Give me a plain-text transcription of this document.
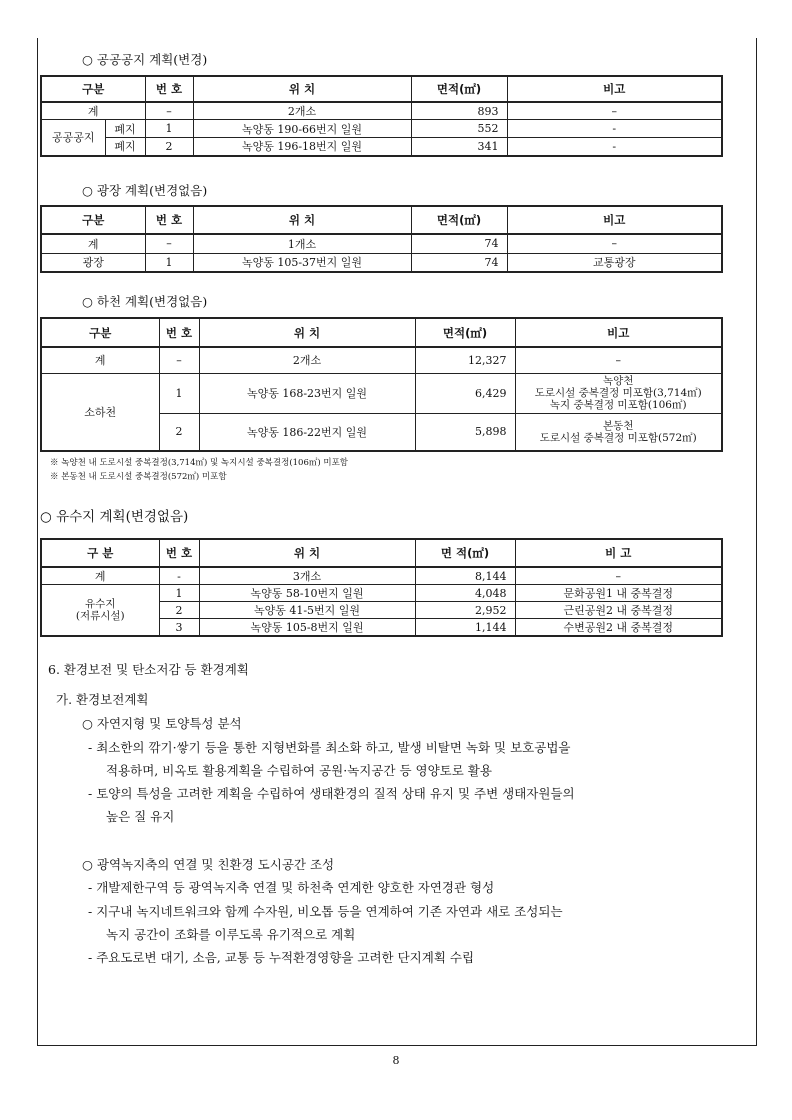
○ 공공공지 계획(변경)
구분		번 호	위 치	면적(㎡)	비고
계		–	2개소	893	–
공공공지	폐지	1	녹양동 190-66번지 일원	552	-
	폐지	2	녹양동 196-18번지 일원	341	-
○ 광장 계획(변경없음)
구분	번 호	위 치	면적(㎡)	비고
계	–	1개소	74	–
광장	1	녹양동 105-37번지 일원	74	교통광장
○ 하천 계획(변경없음)
구분	번 호	위 치	면적(㎡)	비고
계	–	2개소	12,327	–
소하천	1	녹양동 168-23번지 일원	6,429	녹양천
도로시설 중복결정 미포함(3,714㎡)
녹지 중복결정 미포함(106㎡)

	2	녹양동 186-22번지 일원	5,898	본동천
도로시설 중복결정 미포함(572㎡)
※ 녹양천 내 도로시설 중복결정(3,714㎡) 및 녹지시설 중복결정(106㎡) 미포함
※ 본동천 내 도로시설 중복결정(572㎡) 미포함
○ 유수지 계획(변경없음)
구 분	번 호	위 치	면 적(㎡)	비 고
계	-	3개소	8,144	–

유수지
(저류시설)	1	녹양동 58-10번지 일원	4,048	문화공원1 내 중복결정
	2	녹양동 41-5번지 일원	2,952	근린공원2 내 중복결정
	3	녹양동 105-8번지 일원	1,144	수변공원2 내 중복결정
6. 환경보전 및 탄소저감 등 환경계획
가. 환경보전계획
○ 자연지형 및 토양특성 분석
- 최소한의 깎기·쌓기 등을 통한 지형변화를 최소화 하고, 발생 비탈면 녹화 및 보호공법을
적용하며, 비옥토 활용계획을 수립하여 공원·녹지공간 등 영양토로 활용
- 토양의 특성을 고려한 계획을 수립하여 생태환경의 질적 상태 유지 및 주변 생태자원들의
높은 질 유지
○ 광역녹지축의 연결 및 친환경 도시공간 조성
- 개발제한구역 등 광역녹지축 연결 및 하천축 연계한 양호한 자연경관 형성
- 지구내 녹지네트워크와 함께 수자원, 비오톱 등을 연계하여 기존 자연과 새로 조성되는
녹지 공간이 조화를 이루도록 유기적으로 계획
- 주요도로변 대기, 소음, 교통 등 누적환경영향을 고려한 단지계획 수립
8
